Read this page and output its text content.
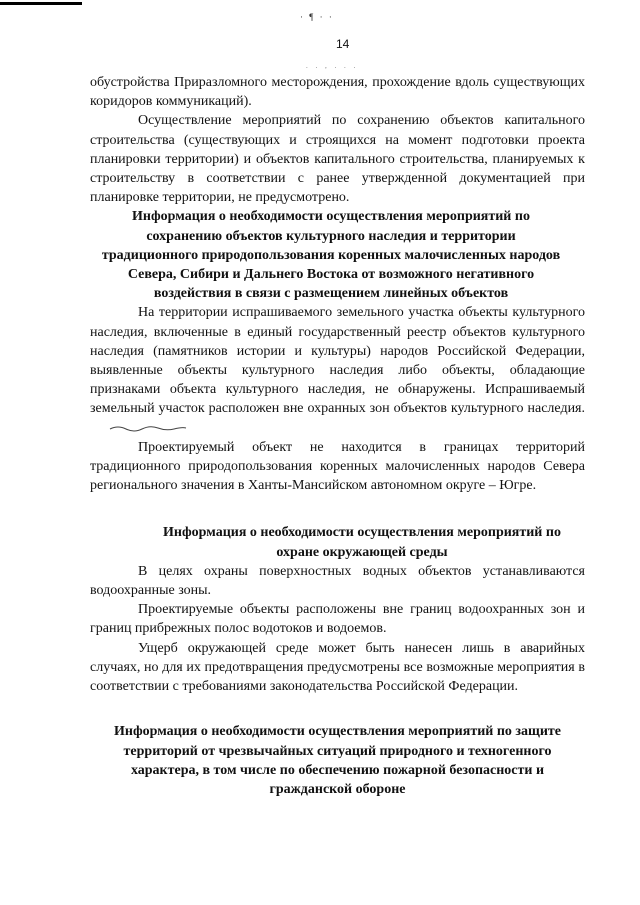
· ¶ · ·
14
. . , . . .

обустройства Приразломного месторождения, прохождение вдоль существующих коридоров коммуникаций).

Осуществление мероприятий по сохранению объектов капитального строительства (существующих и строящихся на момент подготовки проекта планировки территории) и объектов капитального строительства, планируемых к строительству в соответствии с ранее утвержденной документацией при планировке территории, не предусмотрено.

Информация о необходимости осуществления мероприятий по сохранению объектов культурного наследия и территории традиционного природопользования коренных малочисленных народов Севера, Сибири и Дальнего Востока от возможного негативного воздействия в связи с размещением линейных объектов

На территории испрашиваемого земельного участка объекты культурного наследия, включенные в единый государственный реестр объектов культурного наследия (памятников истории и культуры) народов Российской Федерации, выявленные объекты культурного наследия либо объекты, обладающие признаками объекта культурного наследия, не обнаружены. Испрашиваемый земельный участок расположен вне охранных зон объектов культурного наследия.

Проектируемый объект не находится в границах территорий традиционного природопользования коренных малочисленных народов Севера регионального значения в Ханты-Мансийском автономном округе – Югре.

Информация о необходимости осуществления мероприятий по охране окружающей среды

В целях охраны поверхностных водных объектов устанавливаются водоохранные зоны.

Проектируемые объекты расположены вне границ водоохранных зон и границ прибрежных полос водотоков и водоемов.

Ущерб окружающей среде может быть нанесен лишь в аварийных случаях, но для их предотвращения предусмотрены все возможные мероприятия в соответствии с требованиями законодательства Российской Федерации.

Информация о необходимости осуществления мероприятий по защите территорий от чрезвычайных ситуаций природного и техногенного характера, в том числе по обеспечению пожарной безопасности и гражданской обороне
